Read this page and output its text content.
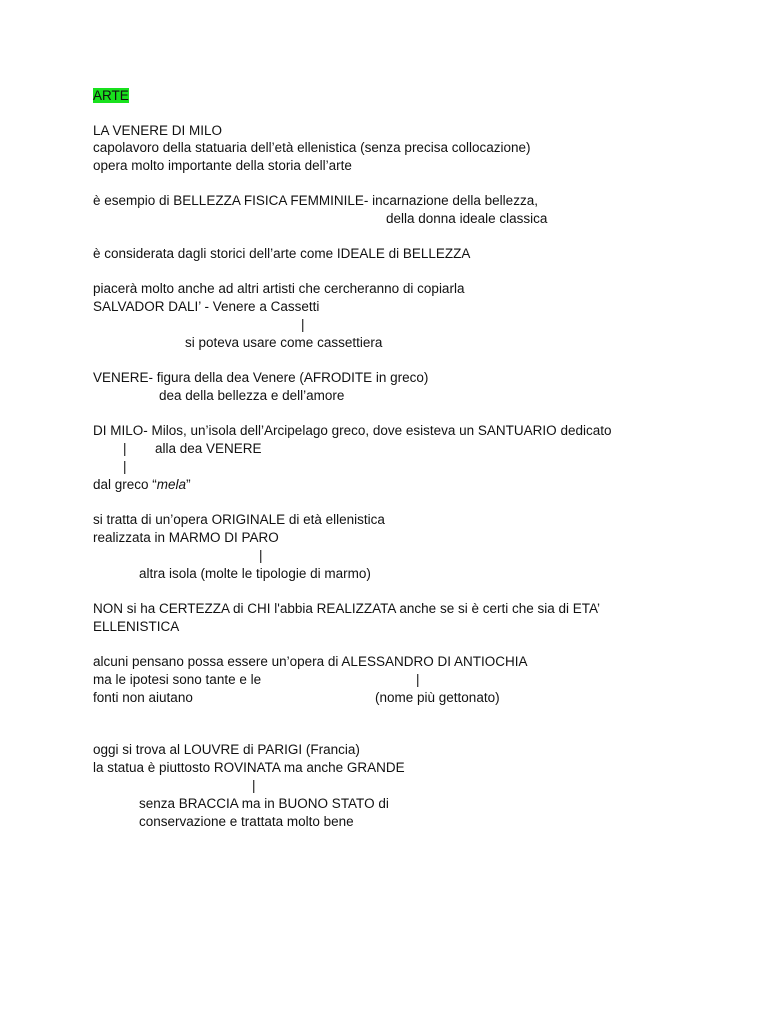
ARTE
LA VENERE DI MILO
capolavoro della statuaria dell’età ellenistica (senza precisa collocazione)
opera molto importante della storia dell’arte
è esempio di BELLEZZA FISICA FEMMINILE- incarnazione della bellezza,
della donna ideale classica
è considerata dagli storici dell’arte come IDEALE di BELLEZZA
piacerà molto anche ad altri artisti che cercheranno di copiarla
SALVADOR DALI’ - Venere a Cassetti
|
si poteva usare come cassettiera
VENERE- figura della dea Venere (AFRODITE in greco)
dea della bellezza e dell’amore
DI MILO- Milos, un’isola dell’Arcipelago greco, dove esisteva un SANTUARIO dedicato
| alla dea VENERE
|
dal greco “mela”
si tratta di un’opera ORIGINALE di età ellenistica
realizzata in MARMO DI PARO
|
altra isola (molte le tipologie di marmo)
NON si ha CERTEZZA di CHI l'abbia REALIZZATA anche se si è certi che sia di ETA’
ELLENISTICA
alcuni pensano possa essere un’opera di ALESSANDRO DI ANTIOCHIA
ma le ipotesi sono tante e le	|
fonti non aiutano	(nome più gettonato)
oggi si trova al LOUVRE di PARIGI (Francia)
la statua è piuttosto ROVINATA ma anche GRANDE
|
senza BRACCIA ma in BUONO STATO di
conservazione e trattata molto bene
